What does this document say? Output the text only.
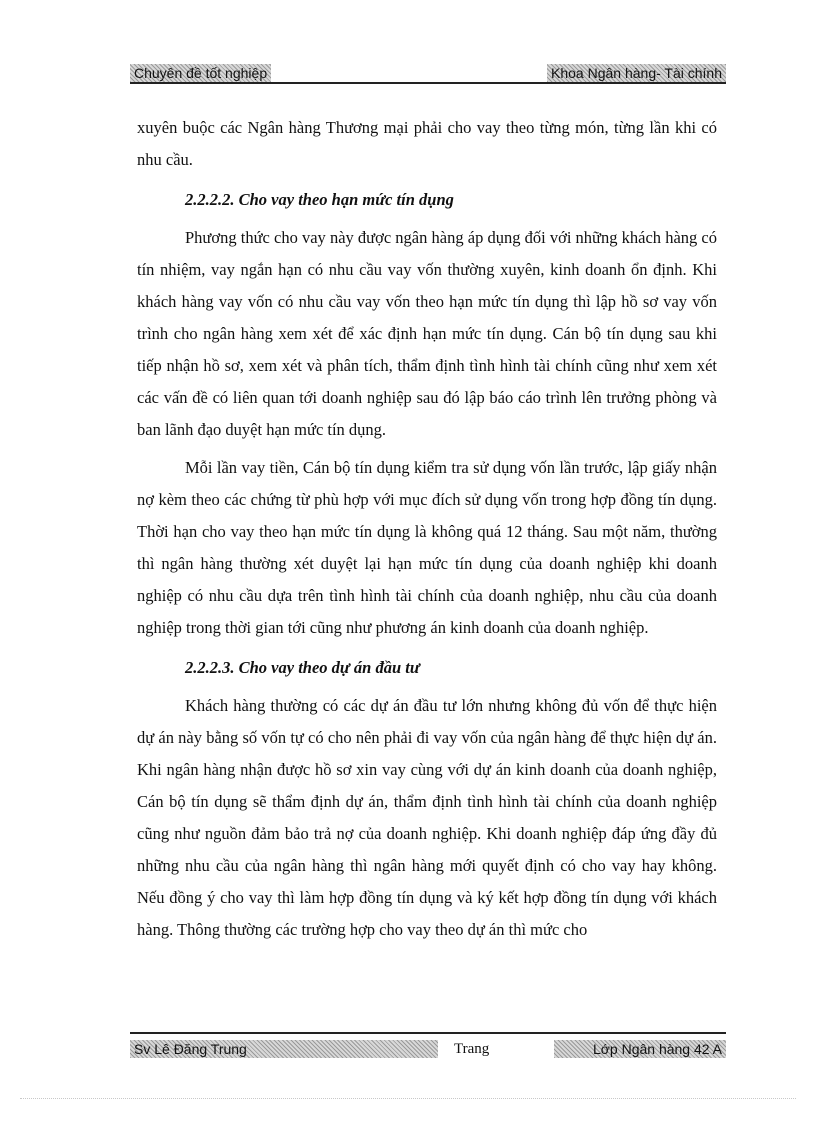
Chuyên đề tốt nghiệp	Khoa Ngân hàng- Tài chính

xuyên buộc các Ngân hàng Thương mại phải cho vay theo từng món, từng lần khi có nhu cầu.

2.2.2.2. Cho vay theo hạn mức tín dụng

Phương thức cho vay này được ngân hàng áp dụng đối với những khách hàng có tín nhiệm, vay ngắn hạn có nhu cầu vay vốn thường xuyên, kinh doanh ổn định. Khi khách hàng vay vốn có nhu cầu vay vốn theo hạn mức tín dụng thì lập hồ sơ vay vốn trình cho ngân hàng xem xét để xác định hạn mức tín dụng. Cán bộ tín dụng sau khi tiếp nhận hồ sơ, xem xét và phân tích, thẩm định tình hình tài chính cũng như xem xét các vấn đề có liên quan tới doanh nghiệp sau đó lập báo cáo trình lên trưởng phòng và ban lãnh đạo duyệt hạn mức tín dụng.

Mỗi lần vay tiền, Cán bộ tín dụng kiểm tra sử dụng vốn lần trước, lập giấy nhận nợ kèm theo các chứng từ phù hợp với mục đích sử dụng vốn trong hợp đồng tín dụng. Thời hạn cho vay theo hạn mức tín dụng là không quá 12 tháng. Sau một năm, thường thì ngân hàng thường xét duyệt lại hạn mức tín dụng của doanh nghiệp khi doanh nghiệp có nhu cầu dựa trên tình hình tài chính của doanh nghiệp, nhu cầu của doanh nghiệp trong thời gian tới cũng như phương án kinh doanh của doanh nghiệp.

2.2.2.3. Cho vay theo dự án đầu tư

Khách hàng thường có các dự án đầu tư lớn nhưng không đủ vốn để thực hiện dự án này bằng số vốn tự có cho nên phải đi vay vốn của ngân hàng để thực hiện dự án. Khi ngân hàng nhận được hồ sơ xin vay cùng với dự án kinh doanh của doanh nghiệp, Cán bộ tín dụng sẽ thẩm định dự án, thẩm định tình hình tài chính của doanh nghiệp cũng như nguồn đảm bảo trả nợ của doanh nghiệp. Khi doanh nghiệp đáp ứng đầy đủ những nhu cầu của ngân hàng thì ngân hàng mới quyết định có cho vay hay không. Nếu đồng ý cho vay thì làm hợp đồng tín dụng và ký kết hợp đồng tín dụng với khách hàng. Thông thường các trường hợp cho vay theo dự án thì mức cho

Sv Lê Đăng Trung	Trang	Lớp Ngân hàng 42 A
